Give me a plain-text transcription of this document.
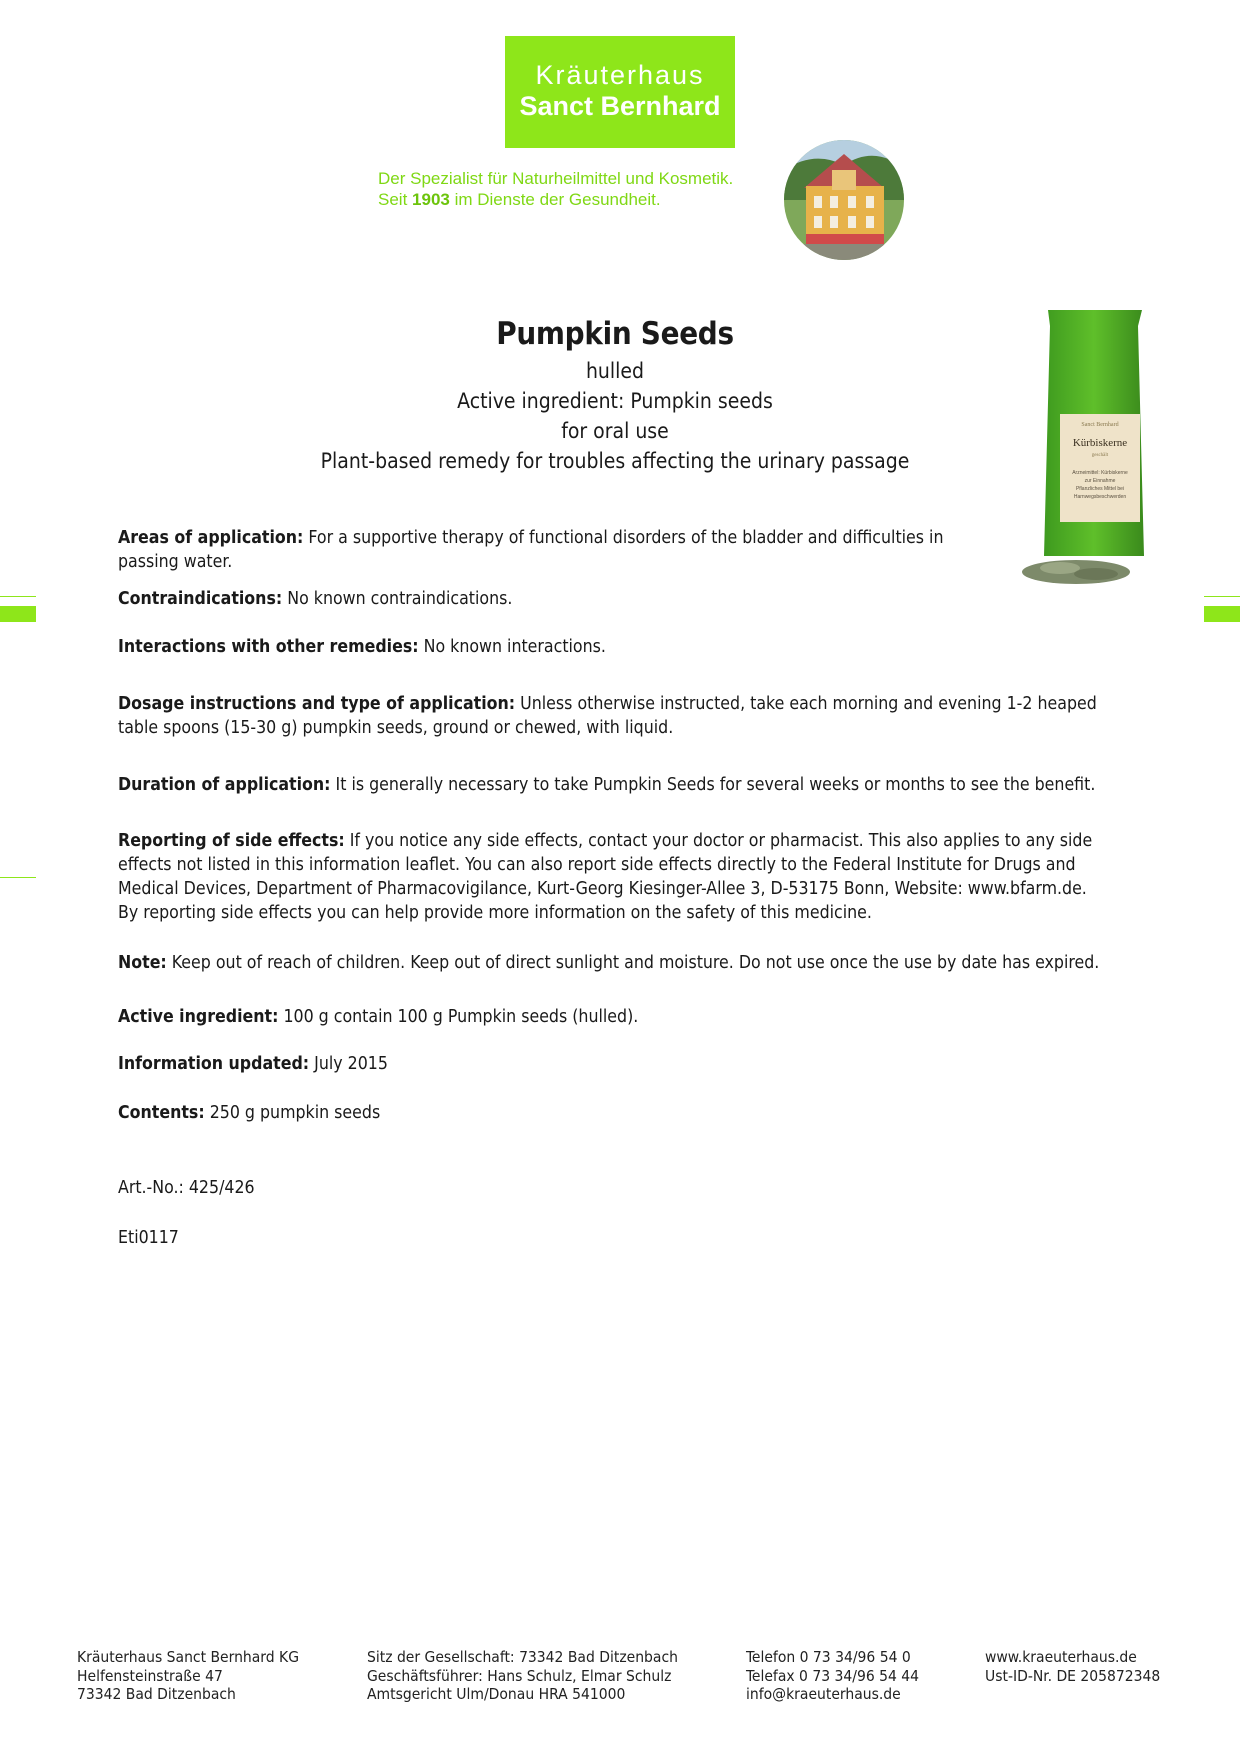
Kräuterhaus
Sanct Bernhard
Der Spezialist für Naturheilmittel und Kosmetik.
Seit 1903 im Dienste der Gesundheit.
Pumpkin Seeds
hulled
Active ingredient: Pumpkin seeds
for oral use
Plant-based remedy for troubles affecting the urinary passage
Sanct Bernhard
Kürbiskerne
geschält
Arzneimittel: Kürbiskerne
zur Einnahme
Pflanzliches Mittel bei
Harnwegsbeschwerden

Areas of application: For a supportive therapy of functional disorders of the bladder and difficulties in passing water.

Contraindications: No known contraindications.

Interactions with other remedies: No known interactions.

Dosage instructions and type of application: Unless otherwise instructed, take each morning and evening 1-2 heaped table spoons (15-30 g) pumpkin seeds, ground or chewed, with liquid.

Duration of application: It is generally necessary to take Pumpkin Seeds for several weeks or months to see the benefit.

Reporting of side effects: If you notice any side effects, contact your doctor or pharmacist. This also applies to any side effects not listed in this information leaflet. You can also report side effects directly to the Federal Institute for Drugs and Medical Devices, Department of Pharmacovigilance, Kurt-Georg Kiesinger-Allee 3, D-53175 Bonn, Website: www.bfarm.de. By reporting side effects you can help provide more information on the safety of this medicine.

Note: Keep out of reach of children. Keep out of direct sunlight and moisture. Do not use once the use by date has expired.

Active ingredient: 100 g contain 100 g Pumpkin seeds (hulled).

Information updated: July 2015

Contents: 250 g pumpkin seeds

Art.-No.: 425/426
Eti0117
Kräuterhaus Sanct Bernhard KG
Helfensteinstraße 47
73342 Bad Ditzenbach
Sitz der Gesellschaft: 73342 Bad Ditzenbach
Geschäftsführer: Hans Schulz, Elmar Schulz
Amtsgericht Ulm/Donau HRA 541000
Telefon 0 73 34/96 54 0
Telefax 0 73 34/96 54 44
info@kraeuterhaus.de
www.kraeuterhaus.de
Ust-ID-Nr. DE 205872348
